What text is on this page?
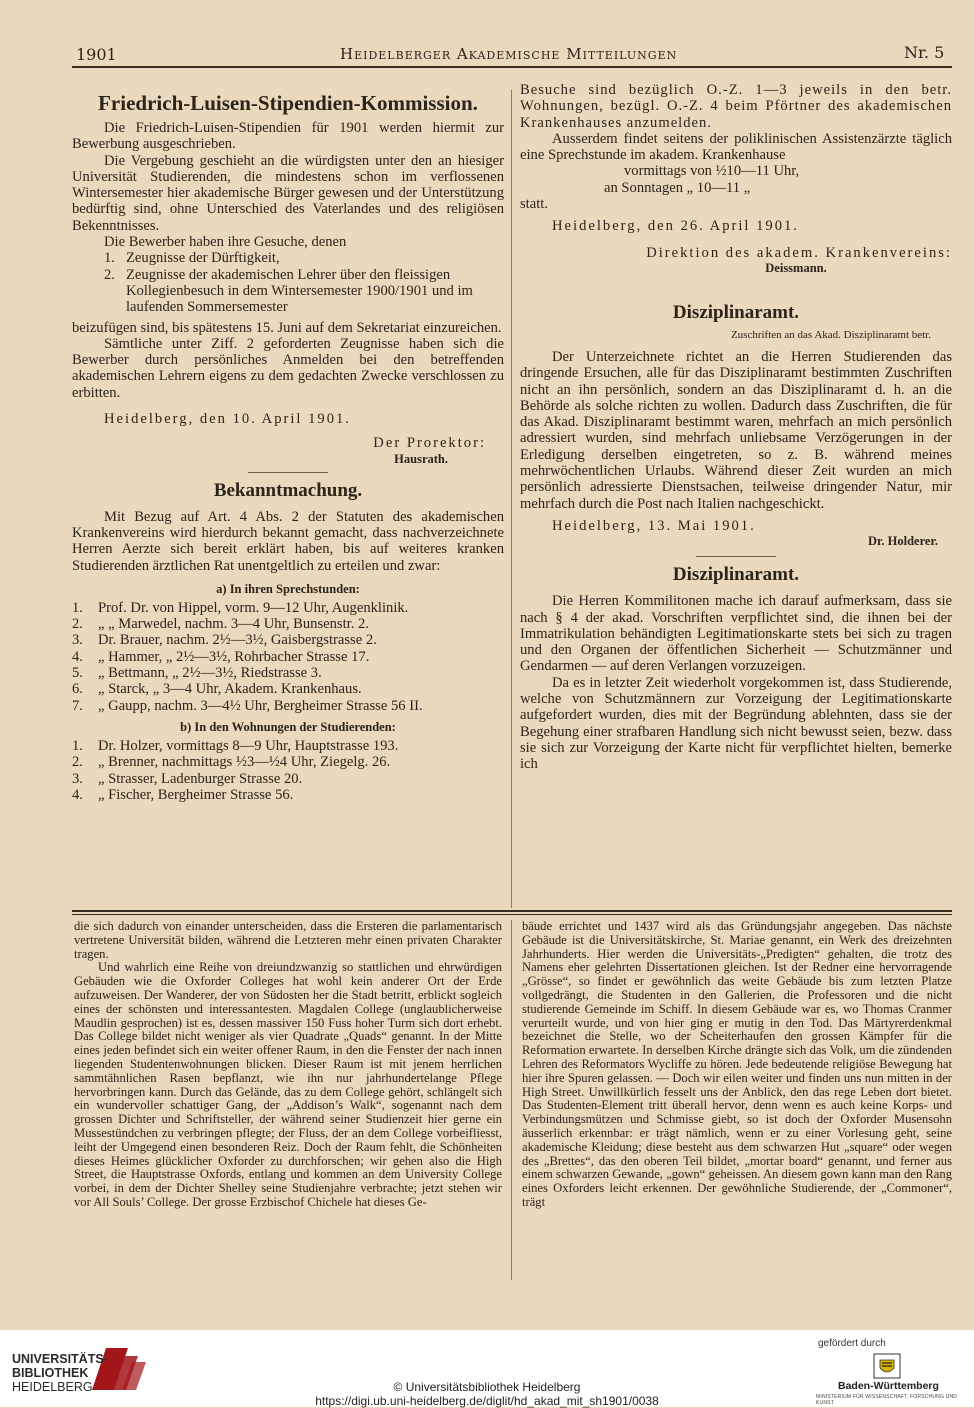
1901	Heidelberger Akademische Mitteilungen	Nr. 5
Friedrich-Luisen-Stipendien-Kommission.

Die Friedrich-Luisen-Stipendien für 1901 werden hiermit zur Bewerbung ausgeschrieben.

Die Vergebung geschieht an die würdigsten unter den an hiesiger Universität Studierenden, die mindestens schon im verflossenen Wintersemester hier akademische Bürger gewesen und der Unterstützung bedürftig sind, ohne Unterschied des Vaterlandes und des religiösen Bekenntnisses.

Die Bewerber haben ihre Gesuche, denen

1. Zeugnisse der Dürftigkeit,
2. Zeugnisse der akademischen Lehrer über den fleissigen Kollegienbesuch in dem Wintersemester 1900/1901 und im laufenden Sommersemester

beizufügen sind, bis spätestens 15. Juni auf dem Sekretariat einzureichen.

Sämtliche unter Ziff. 2 geforderten Zeugnisse haben sich die Bewerber durch persönliches Anmelden bei den betreffenden akademischen Lehrern eigens zu dem gedachten Zwecke verschlossen zu erbitten.

Heidelberg, den 10. April 1901.

Der Prorektor:

Hausrath.

Bekanntmachung.

Mit Bezug auf Art. 4 Abs. 2 der Statuten des akademischen Krankenvereins wird hierdurch bekannt gemacht, dass nachverzeichnete Herren Aerzte sich bereit erklärt haben, bis auf weiteres kranken Studierenden ärztlichen Rat unentgeltlich zu erteilen und zwar:

a) In ihren Sprechstunden:

1. Prof. Dr. von Hippel, vorm. 9—12 Uhr, Augenklinik.
2. „ „ Marwedel, nachm. 3—4 Uhr, Bunsenstr. 2.
3. Dr. Brauer, nachm. 2½—3½, Gaisbergstrasse 2.
4. „ Hammer, „ 2½—3½, Rohrbacher Strasse 17.
5. „ Bettmann, „ 2½—3½, Riedstrasse 3.
6. „ Starck, „ 3—4 Uhr, Akadem. Krankenhaus.
7. „ Gaupp, nachm. 3—4½ Uhr, Bergheimer Strasse 56 II.

b) In den Wohnungen der Studierenden:

1. Dr. Holzer, vormittags 8—9 Uhr, Hauptstrasse 193.
2. „ Brenner, nachmittags ½3—½4 Uhr, Ziegelg. 26.
3. „ Strasser, Ladenburger Strasse 20.
4. „ Fischer, Bergheimer Strasse 56.

Besuche sind bezüglich O.-Z. 1—3 jeweils in den betr. Wohnungen, bezügl. O.-Z. 4 beim Pförtner des akademischen Krankenhauses anzumelden.

Ausserdem findet seitens der poliklinischen Assistenzärzte täglich eine Sprechstunde im akadem. Krankenhause

vormittags von ½10—11 Uhr,

an Sonntagen „ 10—11 „

statt.

Heidelberg, den 26. April 1901.

Direktion des akadem. Krankenvereins:

Deissmann.

Disziplinaramt.

Zuschriften an das Akad. Disziplinaramt betr.

Der Unterzeichnete richtet an die Herren Studierenden das dringende Ersuchen, alle für das Disziplinaramt bestimmten Zuschriften nicht an ihn persönlich, sondern an das Disziplinaramt d. h. an die Behörde als solche richten zu wollen. Dadurch dass Zuschriften, die für das Akad. Disziplinaramt bestimmt waren, mehrfach an mich persönlich adressiert wurden, sind mehrfach unliebsame Verzögerungen in der Erledigung derselben eingetreten, so z. B. während meines mehrwöchentlichen Urlaubs. Während dieser Zeit wurden an mich persönlich adressierte Dienstsachen, teilweise dringender Natur, mir mehrfach durch die Post nach Italien nachgeschickt.

Heidelberg, 13. Mai 1901.

Dr. Holderer.

Disziplinaramt.

Die Herren Kommilitonen mache ich darauf aufmerksam, dass sie nach § 4 der akad. Vorschriften verpflichtet sind, die ihnen bei der Immatrikulation behändigten Legitimationskarte stets bei sich zu tragen und den Organen der öffentlichen Sicherheit — Schutzmänner und Gendarmen — auf deren Verlangen vorzuzeigen.

Da es in letzter Zeit wiederholt vorgekommen ist, dass Studierende, welche von Schutzmännern zur Vorzeigung der Legitimationskarte aufgefordert wurden, dies mit der Begründung ablehnten, dass sie der Begehung einer strafbaren Handlung sich nicht bewusst seien, bezw. dass sie sich zur Vorzeigung der Karte nicht für verpflichtet hielten, bemerke ich

die sich dadurch von einander unterscheiden, dass die Ersteren die parlamentarisch vertretene Universität bilden, während die Letzteren mehr einen privaten Charakter tragen.
Und wahrlich eine Reihe von dreiundzwanzig so stattlichen und ehrwürdigen Gebäuden wie die Oxforder Colleges hat wohl kein anderer Ort der Erde aufzuweisen. Der Wanderer, der von Südosten her die Stadt betritt, erblickt sogleich eines der schönsten und interessantesten. Magdalen College (unglaublicherweise Maudlin gesprochen) ist es, dessen massiver 150 Fuss hoher Turm sich dort erhebt. Das College bildet nicht weniger als vier Quadrate „Quads“ genannt. In der Mitte eines jeden befindet sich ein weiter offener Raum, in den die Fenster der nach innen liegenden Studentenwohnungen blicken. Dieser Raum ist mit jenem herrlichen sammtähnlichen Rasen bepflanzt, wie ihn nur jahrhundertelange Pflege hervorbringen kann. Durch das Gelände, das zu dem College gehört, schlängelt sich ein wundervoller schattiger Gang, der „Addison’s Walk“, sogenannt nach dem grossen Dichter und Schriftsteller, der während seiner Studienzeit hier gerne ein Mussestündchen zu verbringen pflegte; der Fluss, der an dem College vorbeifliesst, leiht der Umgegend einen besonderen Reiz. Doch der Raum fehlt, die Schönheiten dieses Heimes glücklicher Oxforder zu durchforschen; wir gehen also die High Street, die Hauptstrasse Oxfords, entlang und kommen an dem University College vorbei, in dem der Dichter Shelley seine Studienjahre verbrachte; jetzt stehen wir vor All Souls’ College. Der grosse Erzbischof Chichele hat dieses Ge-
bäude errichtet und 1437 wird als das Gründungsjahr angegeben. Das nächste Gebäude ist die Universitätskirche, St. Mariae genannt, ein Werk des dreizehnten Jahrhunderts. Hier werden die Universitäts-„Predigten“ gehalten, die trotz des Namens eher gelehrten Dissertationen gleichen. Ist der Redner eine hervorragende „Grösse“, so findet er gewöhnlich das weite Gebäude bis zum letzten Platze vollgedrängt, die Studenten in den Gallerien, die Professoren und die nicht studierende Gemeinde im Schiff. In diesem Gebäude war es, wo Thomas Cranmer verurteilt wurde, und von hier ging er mutig in den Tod. Das Märtyrerdenkmal bezeichnet die Stelle, wo der Scheiterhaufen den grossen Kämpfer für die Reformation erwartete. In derselben Kirche drängte sich das Volk, um die zündenden Lehren des Reformators Wycliffe zu hören. Jede bedeutende religiöse Bewegung hat hier ihre Spuren gelassen. — Doch wir eilen weiter und finden uns nun mitten in der High Street. Unwillkürlich fesselt uns der Anblick, den das rege Leben dort bietet. Das Studenten-Element tritt überall hervor, denn wenn es auch keine Korps- und Verbindungsmützen und Schmisse giebt, so ist doch der Oxforder Musensohn äusserlich erkennbar: er trägt nämlich, wenn er zu einer Vorlesung geht, seine akademische Kleidung; diese besteht aus dem schwarzen Hut „square“ oder wegen des „Brettes“, das den oberen Teil bildet, „mortar board“ genannt, und ferner aus einem schwarzen Gewande, „gown“ geheissen. An diesem gown kann man den Rang eines Oxforders leicht erkennen. Der gewöhnliche Studierende, der „Commoner“, trägt
UNIVERSITÄTS-
BIBLIOTHEK
HEIDELBERG	© Universitätsbibliothek Heidelberg
https://digi.ub.uni-heidelberg.de/diglit/hd_akad_mit_sh1901/0038
gefördert durch
Baden-Württemberg
MINISTERIUM FÜR WISSENSCHAFT, FORSCHUNG UND KUNST
